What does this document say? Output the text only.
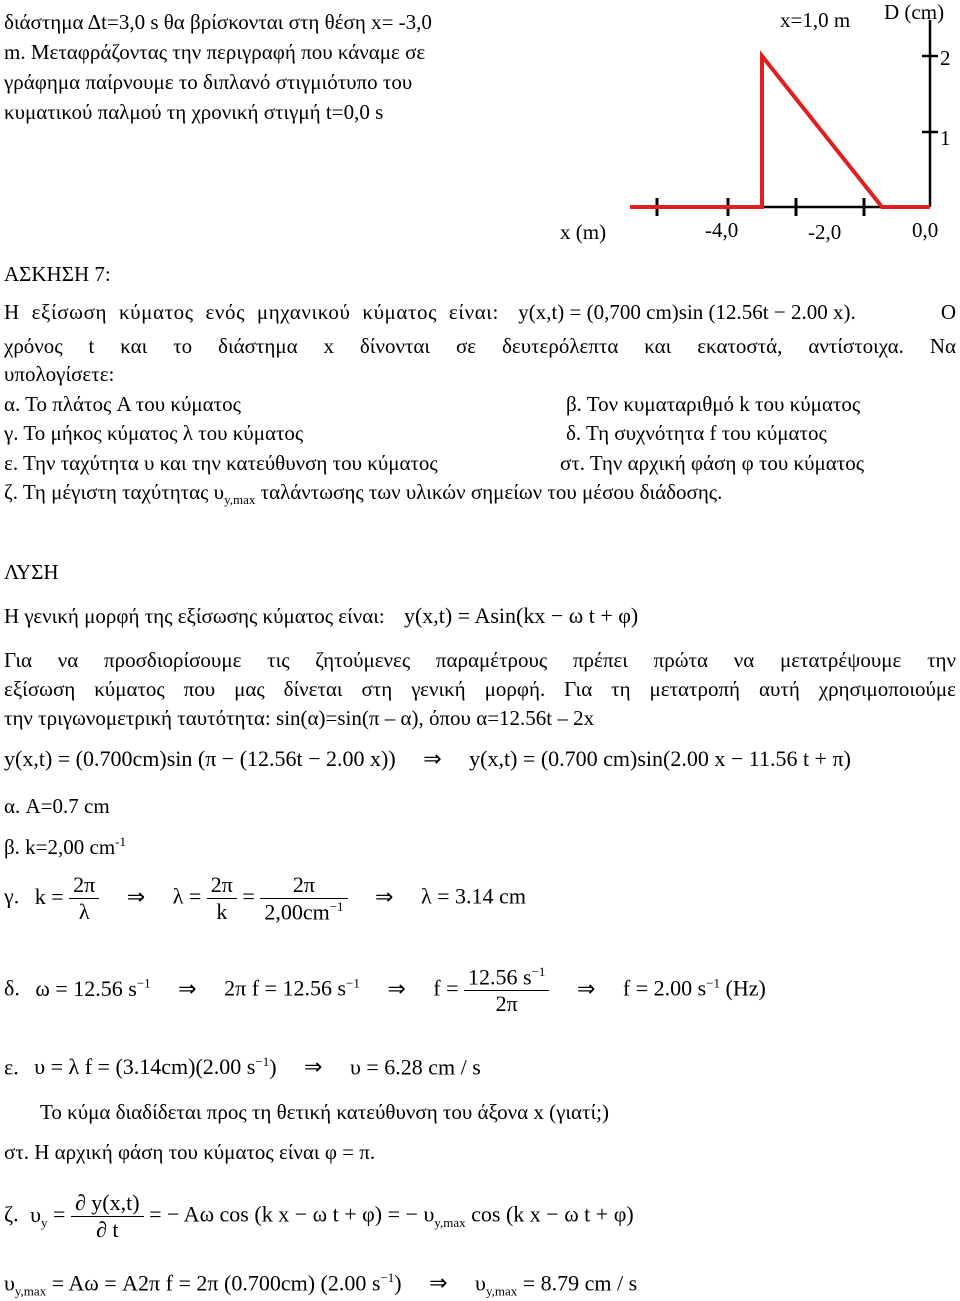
διάστημα Δt=3,0 s θα βρίσκονται στη θέση x= -3,0
m. Μεταφράζοντας την περιγραφή που κάναμε σε
γράφημα παίρνουμε το διπλανό στιγμιότυπο του
κυματικού παλμού τη χρονική στιγμή t=0,0 s
x=1,0 m D (cm)
2
1
x (m)	-4,0	-2,0	0,0
ΑΣΚΗΣΗ 7:
Η εξίσωση κύματος ενός μηχανικού κύματος είναι: y(x,t) = (0,700 cm)sin (12.56t − 2.00 x).	Ο
χρόνος t και το διάστημα x δίνονται σε δευτερόλεπτα και εκατοστά, αντίστοιχα. Να
υπολογίσετε:
α. Το πλάτος A του κύματος	β. Τον κυματαριθμό k του κύματος
γ. Το μήκος κύματος λ του κύματος	δ. Τη συχνότητα f του κύματος
ε. Την ταχύτητα υ και την κατεύθυνση του κύματος	στ. Την αρχική φάση φ του κύματος
ζ. Τη μέγιστη ταχύτητας $\upsilon_{y,max}$ ταλάντωσης των υλικών σημείων του μέσου διάδοσης.
ΛΥΣΗ
Η γενική μορφή της εξίσωσης κύματος είναι: y(x,t) = Asin(kx − ω t + φ)
Για να προσδιορίσουμε τις ζητούμενες παραμέτρους πρέπει πρώτα να μετατρέψουμε την
εξίσωση κύματος που μας δίνεται στη γενική μορφή. Για τη μετατροπή αυτή χρησιμοποιούμε
την τριγωνομετρική ταυτότητα: sin(α)=sin(π – α), όπου α=12.56t – 2x
y(x,t) = (0.700cm)sin (π − (12.56t − 2.00 x)) ⇒ y(x,t) = (0.700 cm)sin(2.00 x − 11.56 t + π)
α. A=0.7 cm
β. k=2,00 $cm^{-1}$
γ. $k = \frac{2\pi}{\lambda}$ ⇒ $\lambda = \frac{2\pi}{k} = \frac{2\pi}{2,00cm^{-1}}$ ⇒ λ = 3.14 cm
δ. ω = 12.56 $s^{-1}$ ⇒ 2π f = 12.56 $s^{-1}$ ⇒ $f = \frac{12.56 s^{-1}}{2\pi}$ ⇒ f = 2.00 $s^{-1}$ (Hz)
ε. υ = λ f = (3.14cm)(2.00 $s^{-1}$) ⇒ υ = 6.28 cm / s
Το κύμα διαδίδεται προς τη θετική κατεύθυνση του άξονα x (γιατί;)
στ. Η αρχική φάση του κύματος είναι φ = π.
ζ. $\upsilon_y = \frac{\partial y(x,t)}{\partial t}$ = − Aω cos (k x − ω t + φ) = − $\upsilon_{y,max}$ cos (k x − ω t + φ)
$\upsilon_{y,max} = A\omega = A2\pi$ f = 2π (0.700cm) (2.00 $s^{-1}$) ⇒ $\upsilon_{y,max} = 8.79$ cm / s
